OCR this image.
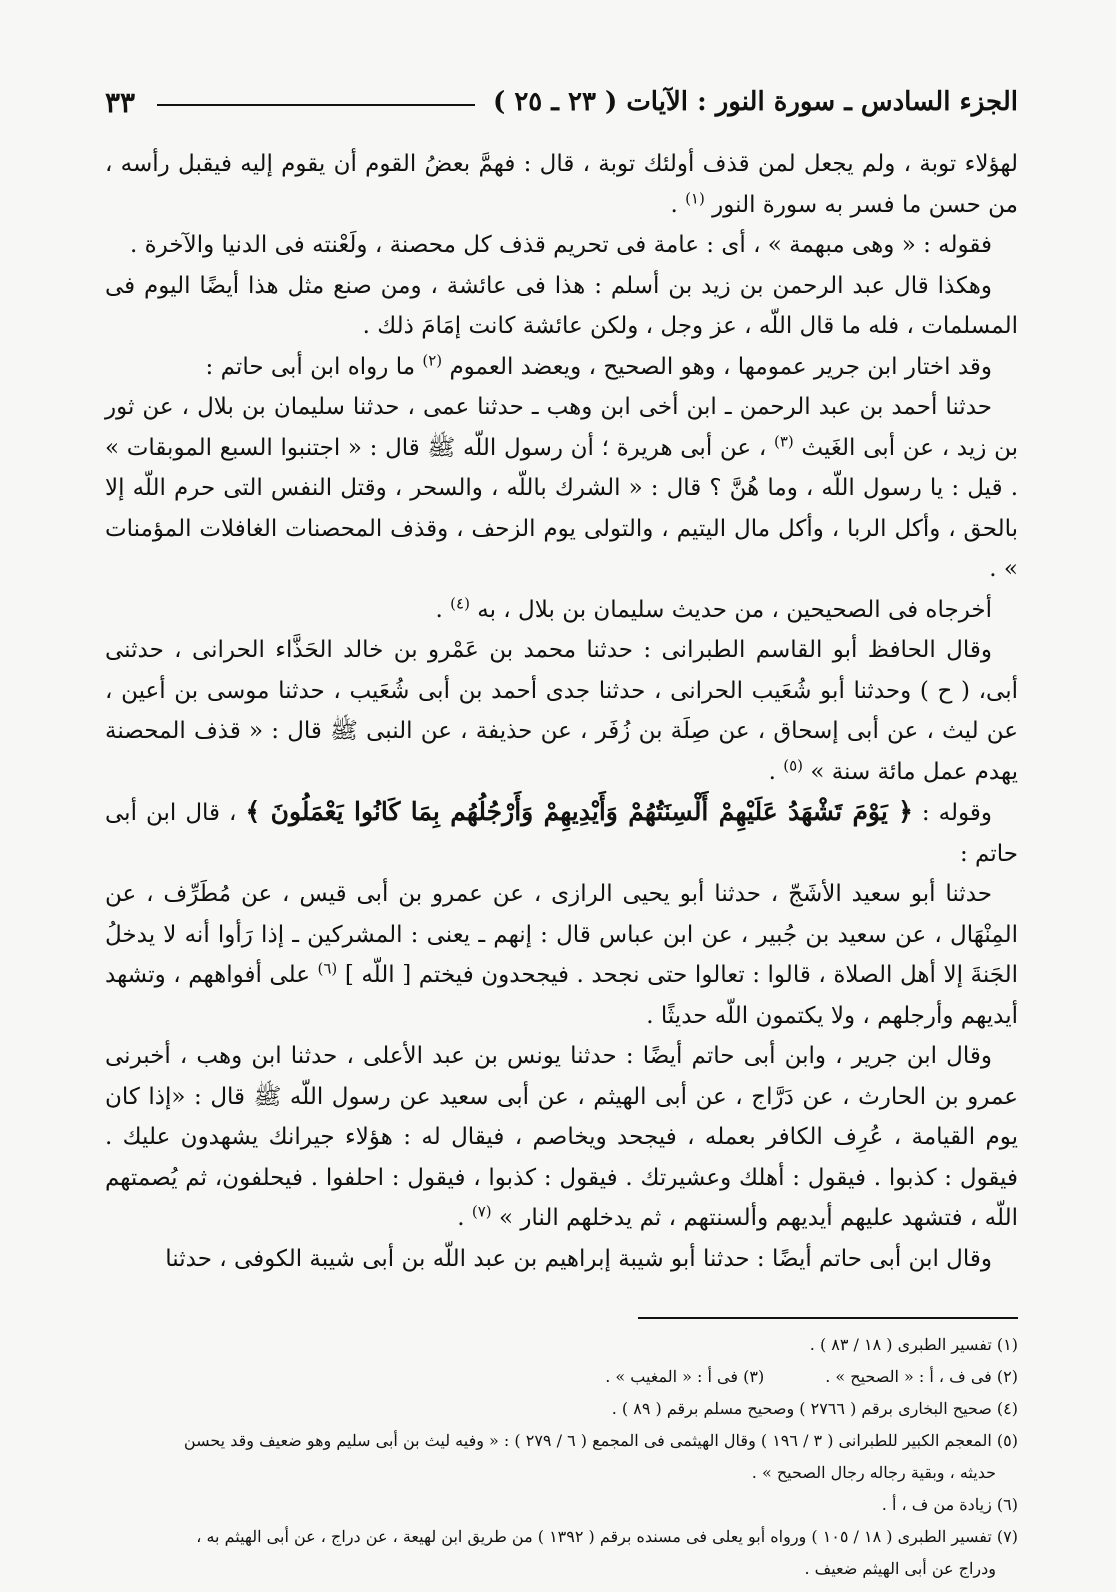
الجزء السادس ـ سورة النور : الآيات ( ٢٣ ـ ٢٥ )
٣٣

لهؤلاء توبة ، ولم يجعل لمن قذف أولئك توبة ، قال : فهمَّ بعضُ القوم أن يقوم إليه فيقبل رأسه ، من حسن ما فسر به سورة النور $^{(١)}$ .

فقوله : « وهى مبهمة » ، أى : عامة فى تحريم قذف كل محصنة ، ولَعْنته فى الدنيا والآخرة .

وهكذا قال عبد الرحمن بن زيد بن أسلم : هذا فى عائشة ، ومن صنع مثل هذا أيضًا اليوم فى المسلمات ، فله ما قال اللّه ، عز وجل ، ولكن عائشة كانت إمَامَ ذلك .

وقد اختار ابن جرير عمومها ، وهو الصحيح ، ويعضد العموم $^{(٢)}$ ما رواه ابن أبى حاتم :

حدثنا أحمد بن عبد الرحمن ـ ابن أخى ابن وهب ـ حدثنا عمى ، حدثنا سليمان بن بلال ، عن ثور بن زيد ، عن أبى الغَيث $^{(٣)}$ ، عن أبى هريرة ؛ أن رسول اللّه ﷺ قال : « اجتنبوا السبع الموبقات » . قيل : يا رسول اللّه ، وما هُنَّ ؟ قال : « الشرك باللّه ، والسحر ، وقتل النفس التى حرم اللّه إلا بالحق ، وأكل الربا ، وأكل مال اليتيم ، والتولى يوم الزحف ، وقذف المحصنات الغافلات المؤمنات » .

أخرجاه فى الصحيحين ، من حديث سليمان بن بلال ، به $^{(٤)}$ .

وقال الحافظ أبو القاسم الطبرانى : حدثنا محمد بن عَمْرو بن خالد الحَذَّاء الحرانى ، حدثنى أبى، ( ح ) وحدثنا أبو شُعَيب الحرانى ، حدثنا جدى أحمد بن أبى شُعَيب ، حدثنا موسى بن أعين ، عن ليث ، عن أبى إسحاق ، عن صِلَة بن زُفَر ، عن حذيفة ، عن النبى ﷺ قال : « قذف المحصنة يهدم عمل مائة سنة » $^{(٥)}$ .

وقوله : ﴿ يَوْمَ تَشْهَدُ عَلَيْهِمْ أَلْسِنَتُهُمْ وَأَيْدِيهِمْ وَأَرْجُلُهُم بِمَا كَانُوا يَعْمَلُونَ ﴾ ، قال ابن أبى حاتم :

حدثنا أبو سعيد الأشَجّ ، حدثنا أبو يحيى الرازى ، عن عمرو بن أبى قيس ، عن مُطَرِّف ، عن المِنْهَال ، عن سعيد بن جُبير ، عن ابن عباس قال : إنهم ـ يعنى : المشركين ـ إذا رَأوا أنه لا يدخلُ الجَنةَ إلا أهل الصلاة ، قالوا : تعالوا حتى نجحد . فيجحدون فيختم [ اللّه ] $^{(٦)}$ على أفواههم ، وتشهد أيديهم وأرجلهم ، ولا يكتمون اللّه حديثًا .

وقال ابن جرير ، وابن أبى حاتم أيضًا : حدثنا يونس بن عبد الأعلى ، حدثنا ابن وهب ، أخبرنى عمرو بن الحارث ، عن دَرَّاج ، عن أبى الهيثم ، عن أبى سعيد عن رسول اللّه ﷺ قال : «إذا كان يوم القيامة ، عُرِف الكافر بعمله ، فيجحد ويخاصم ، فيقال له : هؤلاء جيرانك يشهدون عليك . فيقول : كذبوا . فيقول : أهلك وعشيرتك . فيقول : كذبوا ، فيقول : احلفوا . فيحلفون، ثم يُصمتهم اللّه ، فتشهد عليهم أيديهم وألسنتهم ، ثم يدخلهم النار » $^{(٧)}$ .

وقال ابن أبى حاتم أيضًا : حدثنا أبو شيبة إبراهيم بن عبد اللّه بن أبى شيبة الكوفى ، حدثنا

(١) تفسير الطبرى ( ١٨ / ٨٣ ) .

(٢) فى ف ، أ : « الصحيح » .            (٣) فى أ : « المغيب » .

(٤) صحيح البخارى برقم ( ٢٧٦٦ ) وصحيح مسلم برقم ( ٨٩ ) .

(٥) المعجم الكبير للطبرانى ( ٣ / ١٩٦ ) وقال الهيثمى فى المجمع ( ٦ / ٢٧٩ ) : « وفيه ليث بن أبى سليم وهو ضعيف وقد يحسن

حديثه ، وبقية رجاله رجال الصحيح » .

(٦) زيادة من ف ، أ .

(٧) تفسير الطبرى ( ١٨ / ١٠٥ ) ورواه أبو يعلى فى مسنده برقم ( ١٣٩٢ ) من طريق ابن لهيعة ، عن دراج ، عن أبى الهيثم به ،

ودراج عن أبى الهيثم ضعيف .
